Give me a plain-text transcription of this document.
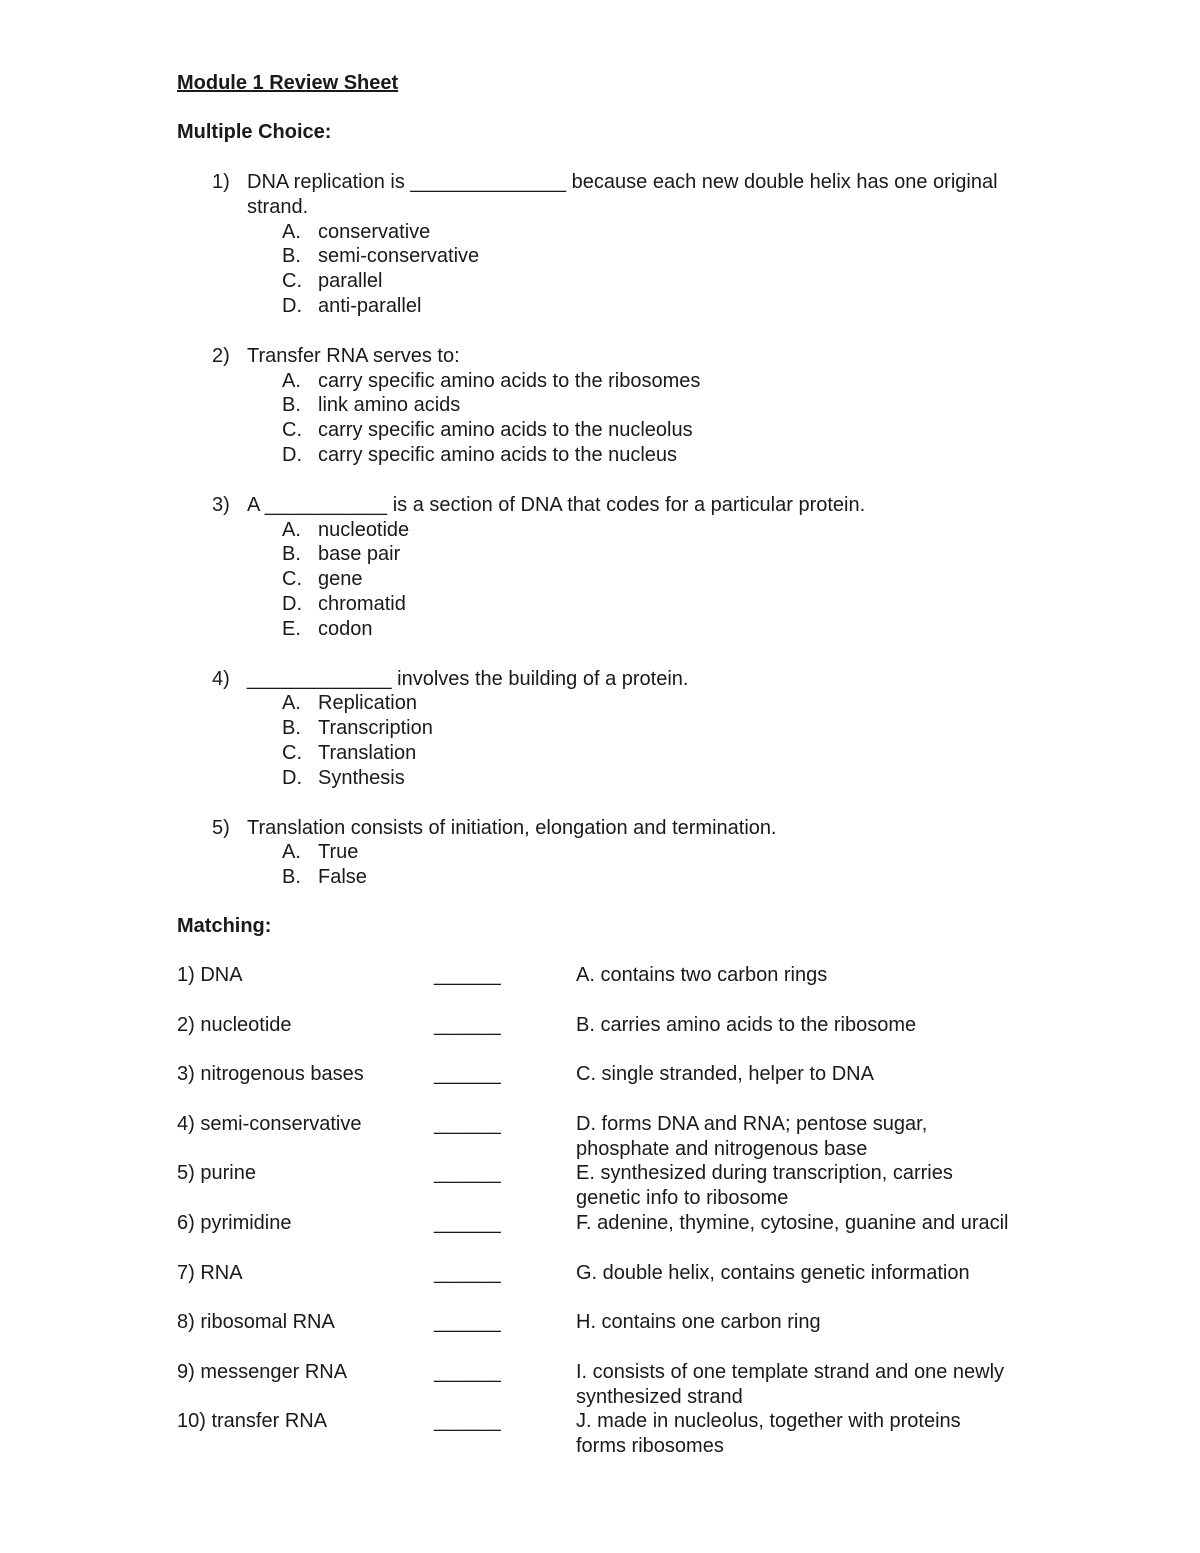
Module 1 Review Sheet
Multiple Choice:
1) DNA replication is ______________ because each new double helix has one original strand.
A. conservative
B. semi-conservative
C. parallel
D. anti-parallel
2) Transfer RNA serves to:
A. carry specific amino acids to the ribosomes
B. link amino acids
C. carry specific amino acids to the nucleolus
D. carry specific amino acids to the nucleus
3) A ___________ is a section of DNA that codes for a particular protein.
A. nucleotide
B. base pair
C. gene
D. chromatid
E. codon
4) _____________ involves the building of a protein.
A. Replication
B. Transcription
C. Translation
D. Synthesis
5) Translation consists of initiation, elongation and termination.
A. True
B. False
Matching:
1) DNA	______	A. contains two carbon rings
2) nucleotide	______	B. carries amino acids to the ribosome
3) nitrogenous bases	______	C. single stranded, helper to DNA
4) semi-conservative	______	D. forms DNA and RNA; pentose sugar, phosphate and nitrogenous base
5) purine	______	E. synthesized during transcription, carries genetic info to ribosome
6) pyrimidine	______	F. adenine, thymine, cytosine, guanine and uracil
7) RNA	______	G. double helix, contains genetic information
8) ribosomal RNA	______	H. contains one carbon ring
9) messenger RNA	______	I. consists of one template strand and one newly synthesized strand
10) transfer RNA	______	J. made in nucleolus, together with proteins forms ribosomes
